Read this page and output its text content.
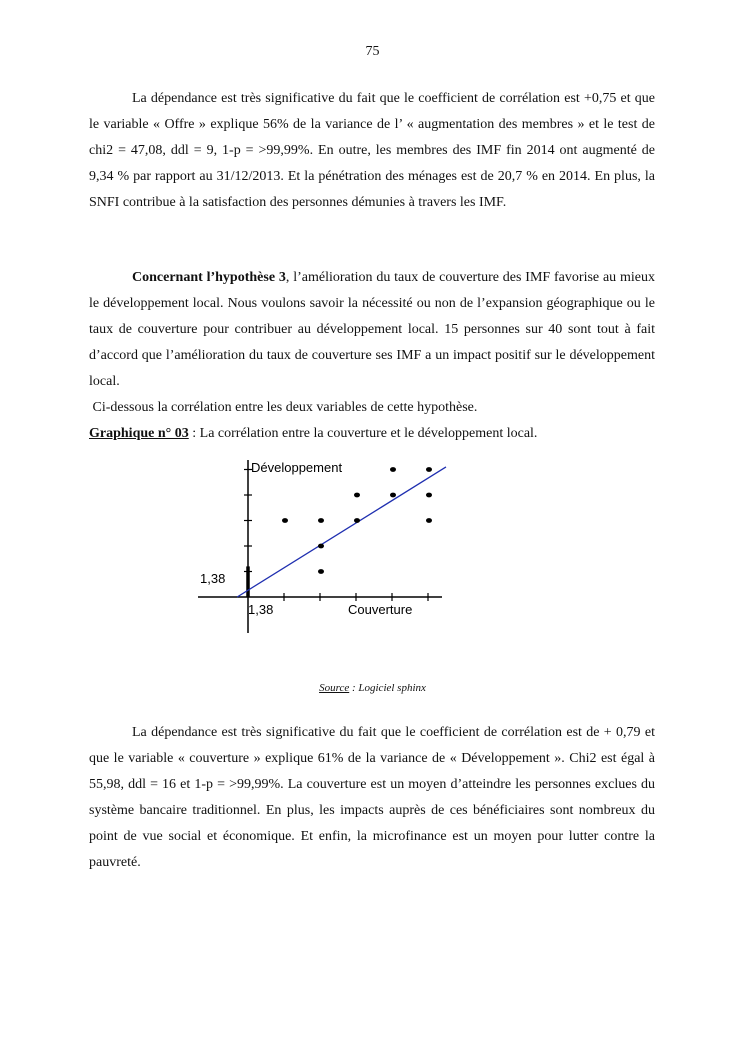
75

La dépendance est très significative du fait que le coefficient de corrélation est +0,75 et que le variable « Offre » explique 56% de la variance de l’ « augmentation des membres » et le test de chi2 = 47,08, ddl = 9, 1-p = >99,99%. En outre, les membres des IMF fin 2014 ont augmenté de 9,34 % par rapport au 31/12/2013. Et la pénétration des ménages est de 20,7 % en 2014. En plus, la SNFI contribue à la satisfaction des personnes démunies à travers les IMF.

Concernant l’hypothèse 3, l’amélioration du taux de couverture des IMF favorise au mieux le développement local. Nous voulons savoir la nécessité ou non de l’expansion géographique ou le taux de couverture pour contribuer au développement local. 15 personnes sur 40 sont tout à fait d’accord que l’amélioration du taux de couverture ses IMF a un impact positif sur le développement local.

Ci-dessous la corrélation entre les deux variables de cette hypothèse.
Graphique n° 03 : La corrélation entre la couverture et le développement local.
Développement
Couverture
1,38
1,38
Source : Logiciel sphinx

La dépendance est très significative du fait que le coefficient de corrélation est de + 0,79 et que le variable « couverture » explique 61% de la variance de « Développement ». Chi2 est égal à 55,98, ddl = 16 et 1-p = >99,99%. La couverture est un moyen d’atteindre les personnes exclues du système bancaire traditionnel. En plus, les impacts auprès de ces bénéficiaires sont nombreux du point de vue social et économique. Et enfin, la microfinance est un moyen pour lutter contre la pauvreté.
